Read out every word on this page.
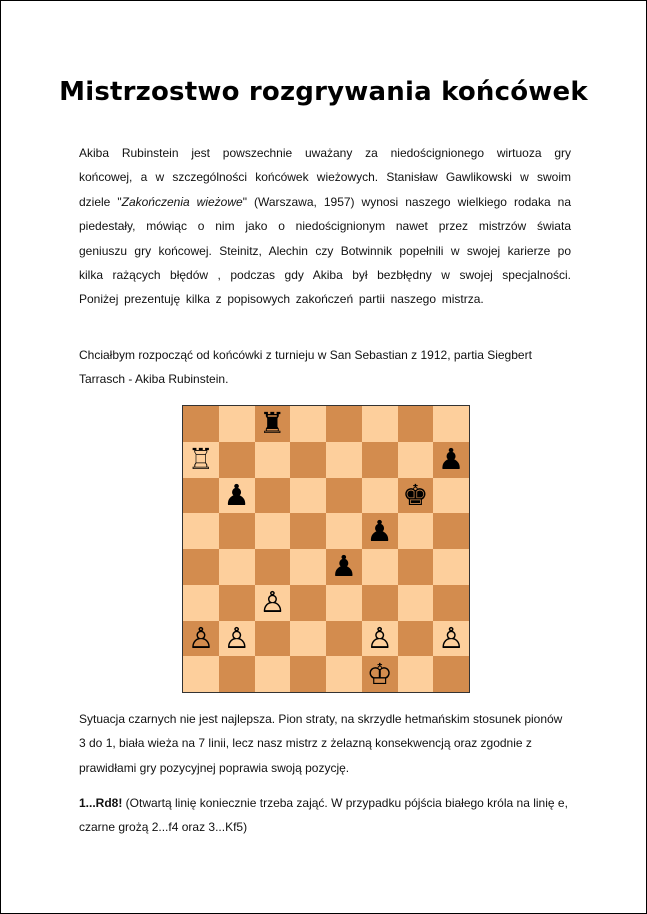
Mistrzostwo rozgrywania końcówek
Akiba Rubinstein jest powszechnie uważany za niedoścignionego wirtuoza gry końcowej, a w szczególności końcówek wieżowych. Stanisław Gawlikowski w swoim dziele "Zakończenia wieżowe" (Warszawa, 1957) wynosi naszego wielkiego rodaka na piedestały, mówiąc o nim jako o niedoścignionym nawet przez mistrzów świata geniuszu gry końcowej. Steinitz, Alechin czy Botwinnik popełnili w swojej karierze po kilka rażących błędów , podczas gdy Akiba był bezbłędny w swojej specjalności. Poniżej prezentuję kilka z popisowych zakończeń partii naszego mistrza.
Chciałbym rozpocząć od końcówki z turnieju w San Sebastian z 1912, partia Siegbert Tarrasch - Akiba Rubinstein.
♜
♖	♟
♟	♚
♟
♟
♙
♙ ♙	♙ ♙
♔
Sytuacja czarnych nie jest najlepsza. Pion straty, na skrzydle hetmańskim stosunek pionów 3 do 1, biała wieża na 7 linii, lecz nasz mistrz z żelazną konsekwencją oraz zgodnie z prawidłami gry pozycyjnej poprawia swoją pozycję.
1...Rd8! (Otwartą linię koniecznie trzeba zająć. W przypadku pójścia białego króla na linię e, czarne grożą 2...f4 oraz 3...Kf5)
